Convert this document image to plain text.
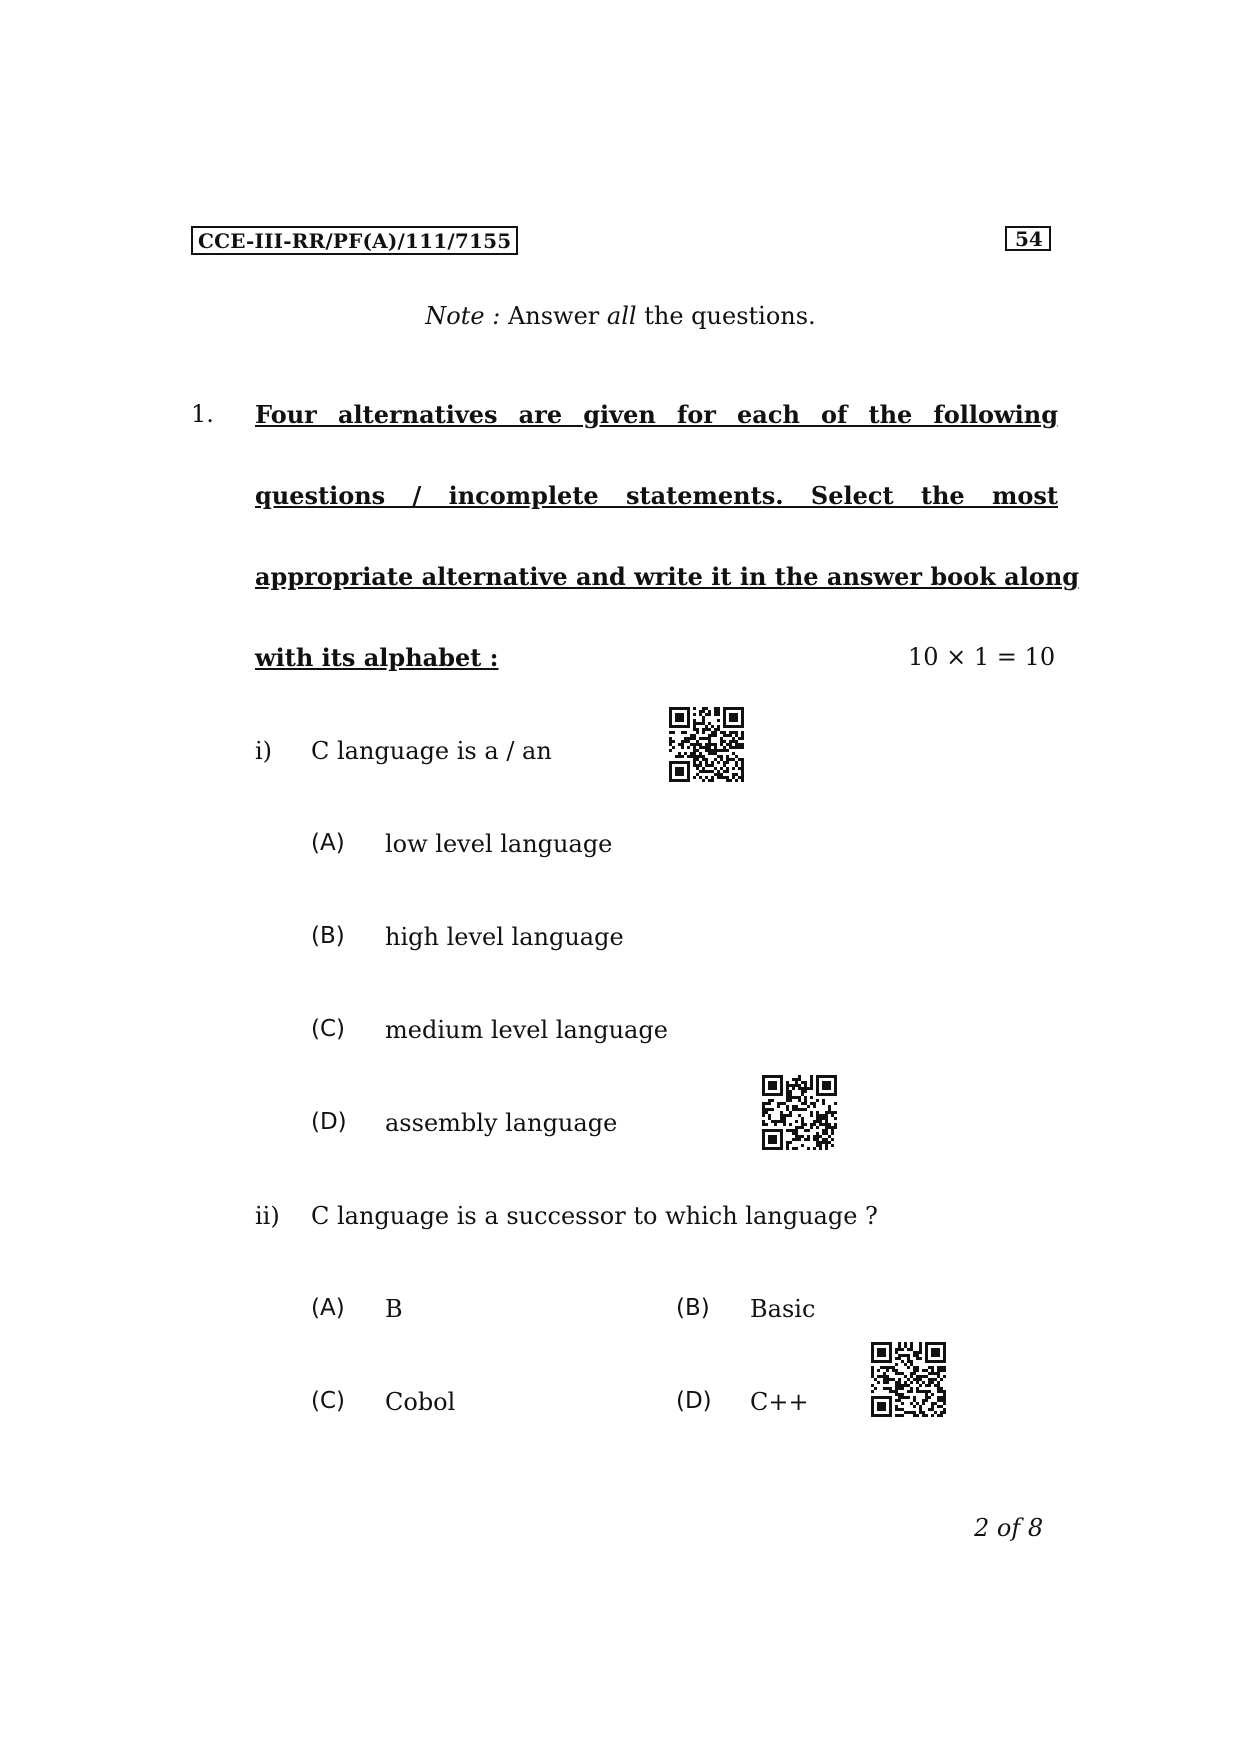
CCE-III-RR/PF(A)/111/7155	54
Note : Answer all the questions.
1. Four alternatives are given for each of the following
questions / incomplete statements. Select the most
appropriate alternative and write it in the answer book along
with its alphabet :	10 × 1 = 10
i) C language is a / an
(A) low level language
(B) high level language
(C) medium level language
(D) assembly language
ii) C language is a successor to which language ?
(A) B	(B) Basic
(C) Cobol	(D) C++
2 of 8
